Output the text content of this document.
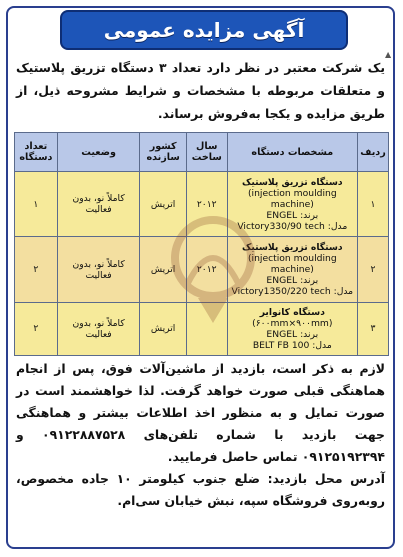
آگهی مزایده عمومی
▲
یک شرکت معتبر در نظر دارد تعداد ۳ دستگاه تزریق پلاستیک و متعلقات مربوطه با مشخصات و شرایط مشروحه ذیل، از طریق مزایده و یکجا به‌فروش برساند.
ردیف	مشخصات دستگاه	سال ساخت	کشور سازنده	وضعیت	تعداد دستگاه
۱	دستگاه تزریق پلاستیک
(injection moulding machine)
برند: ENGEL
مدل: Victory330/90 tech	۲۰۱۲	اتریش	کاملاً نو، بدون فعالیت	۱
۲	دستگاه تزریق پلاستیک
(injection moulding machine)
برند: ENGEL
مدل: Victory1350/220 tech	۲۰۱۲	اتریش	کاملاً نو، بدون فعالیت	۲
۳	دستگاه کانوایر
(۶۰۰mm×۹۰۰mm)
برند: ENGEL
مدل: BELT FB 100		اتریش	کاملاً نو، بدون فعالیت	۲
لازم به ذکر است، بازدید از ماشین‌آلات فوق، پس از انجام هماهنگی قبلی صورت خواهد گرفت. لذا خواهشمند است در صورت تمایل و به منظور اخذ اطلاعات بیشتر و هماهنگی جهت بازدید با شماره تلفن‌های ۰۹۱۲۲۸۸۷۵۲۸ و ۰۹۱۲۵۱۹۲۳۹۴ تماس حاصل فرمایید.
آدرس محل بازدید: ضلع جنوب کیلومتر ۱۰ جاده مخصوص، روبه‌روی فروشگاه سپه، نبش خیابان سی‌ام.
